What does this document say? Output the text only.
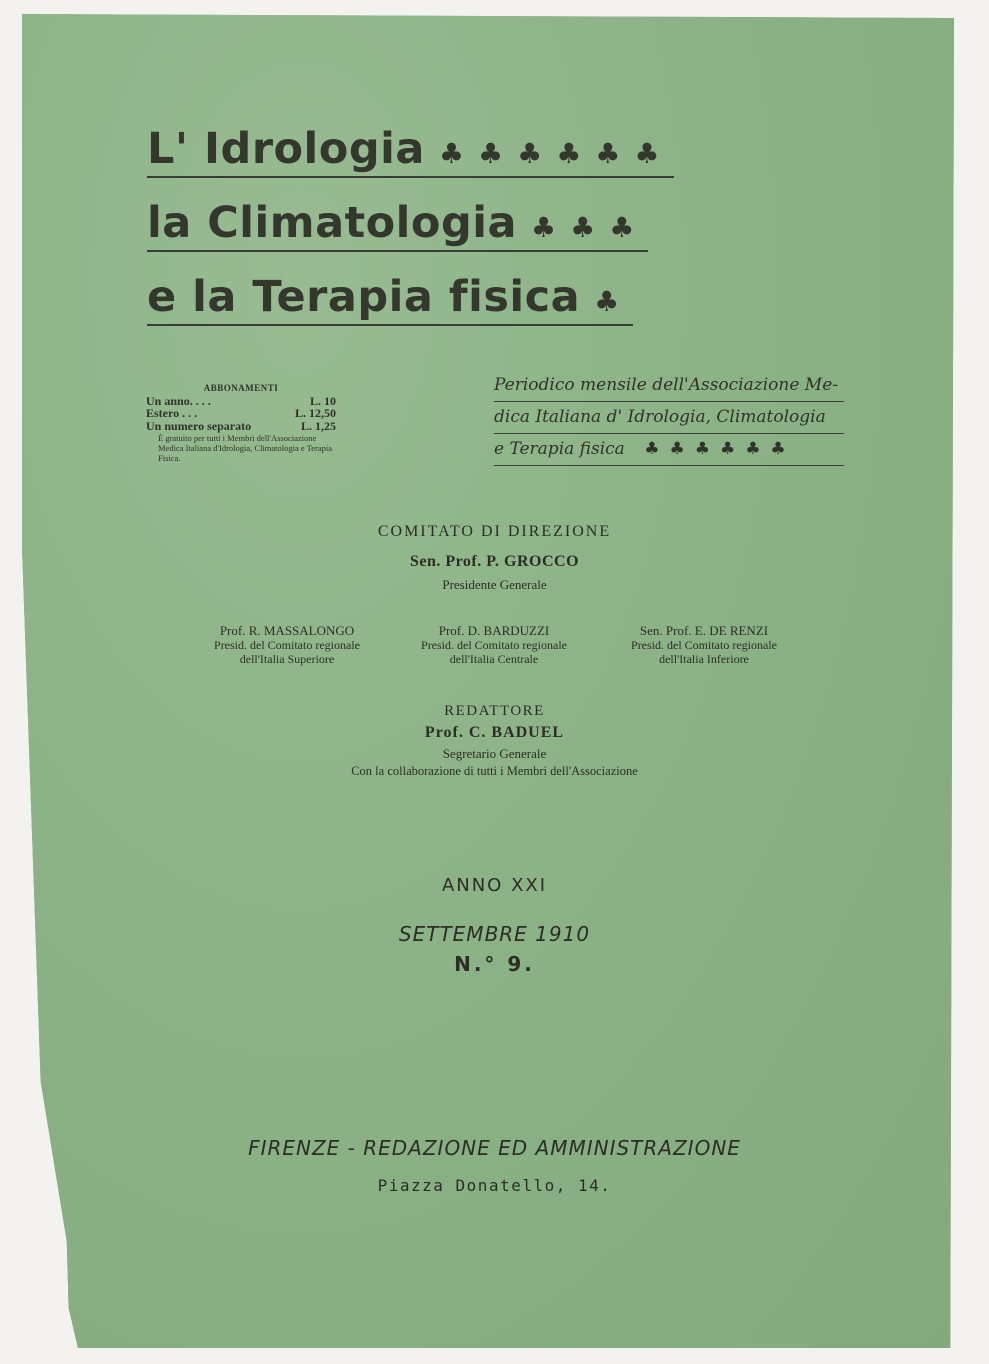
L' Idrologia ♣♣♣♣♣♣
la Climatologia ♣♣♣
e la Terapia fisica ♣
ABBONAMENTI
Un anno. . . .	L. 10
Estero . . .	L. 12,50
Un numero separato	L. 1,25
È gratuito per tutti i Membri dell'Associazione Medica Italiana d'Idrologia, Climatologia e Terapia Fisica.
Periodico mensile dell'Associazione Me-
dica Italiana d' Idrologia, Climatologia
e Terapia fisica ♣♣♣♣♣♣
COMITATO DI DIREZIONE
Sen. Prof. P. GROCCO
Presidente Generale
Prof. R. MASSALONGO
Presid. del Comitato regionale
dell'Italia Superiore
Prof. D. BARDUZZI
Presid. del Comitato regionale
dell'Italia Centrale
Sen. Prof. E. DE RENZI
Presid. del Comitato regionale
dell'Italia Inferiore
REDATTORE
Prof. C. BADUEL
Segretario Generale
Con la collaborazione di tutti i Membri dell'Associazione
ANNO XXI
SETTEMBRE 1910
N.° 9.
FIRENZE - REDAZIONE ED AMMINISTRAZIONE
Piazza Donatello, 14.
